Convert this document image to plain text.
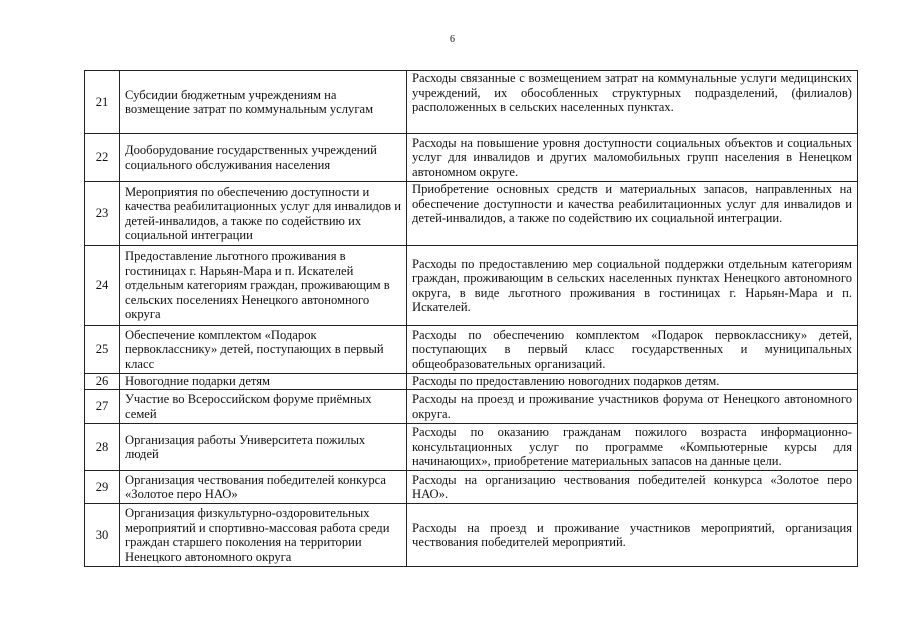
6
21	Субсидии бюджетным учреждениям на возмещение затрат по коммунальным услугам	Расходы связанные с возмещением затрат на коммунальные услуги медицинских учреждений, их обособленных структурных подразделений, (филиалов) расположенных в сельских населенных пунктах.
22	Дооборудование государственных учреждений социального обслуживания населения	Расходы на повышение уровня доступности социальных объектов и социальных услуг для инвалидов и других маломобильных групп населения в Ненецком автономном округе.
23	Мероприятия по обеспечению доступности и качества реабилитационных услуг для инвалидов и детей-инвалидов, а также по содействию их социальной интеграции	Приобретение основных средств и материальных запасов, направленных на обеспечение доступности и качества реабилитационных услуг для инвалидов и детей-инвалидов, а также по содействию их социальной интеграции.
24	Предоставление льготного проживания в гостиницах г. Нарьян-Мара и п. Искателей отдельным категориям граждан, проживающим в сельских поселениях Ненецкого автономного округа	Расходы по предоставлению мер социальной поддержки отдельным категориям граждан, проживающим в сельских населенных пунктах Ненецкого автономного округа, в виде льготного проживания в гостиницах г. Нарьян-Мара и п. Искателей.
25	Обеспечение комплектом «Подарок первокласснику» детей, поступающих в первый класс	Расходы по обеспечению комплектом «Подарок первокласснику» детей, поступающих в первый класс государственных и муниципальных общеобразовательных организаций.
26	Новогодние подарки детям	Расходы по предоставлению новогодних подарков детям.
27	Участие во Всероссийском форуме приёмных семей	Расходы на проезд и проживание участников форума от Ненецкого автономного округа.
28	Организация работы Университета пожилых людей	Расходы по оказанию гражданам пожилого возраста информационно-консультационных услуг по программе «Компьютерные курсы для начинающих», приобретение материальных запасов на данные цели.
29	Организация чествования победителей конкурса «Золотое перо НАО»	Расходы на организацию чествования победителей конкурса «Золотое перо НАО».
30	Организация физкультурно-оздоровительных мероприятий и спортивно-массовая работа среди граждан старшего поколения на территории Ненецкого автономного округа	Расходы на проезд и проживание участников мероприятий, организация чествования победителей мероприятий.
